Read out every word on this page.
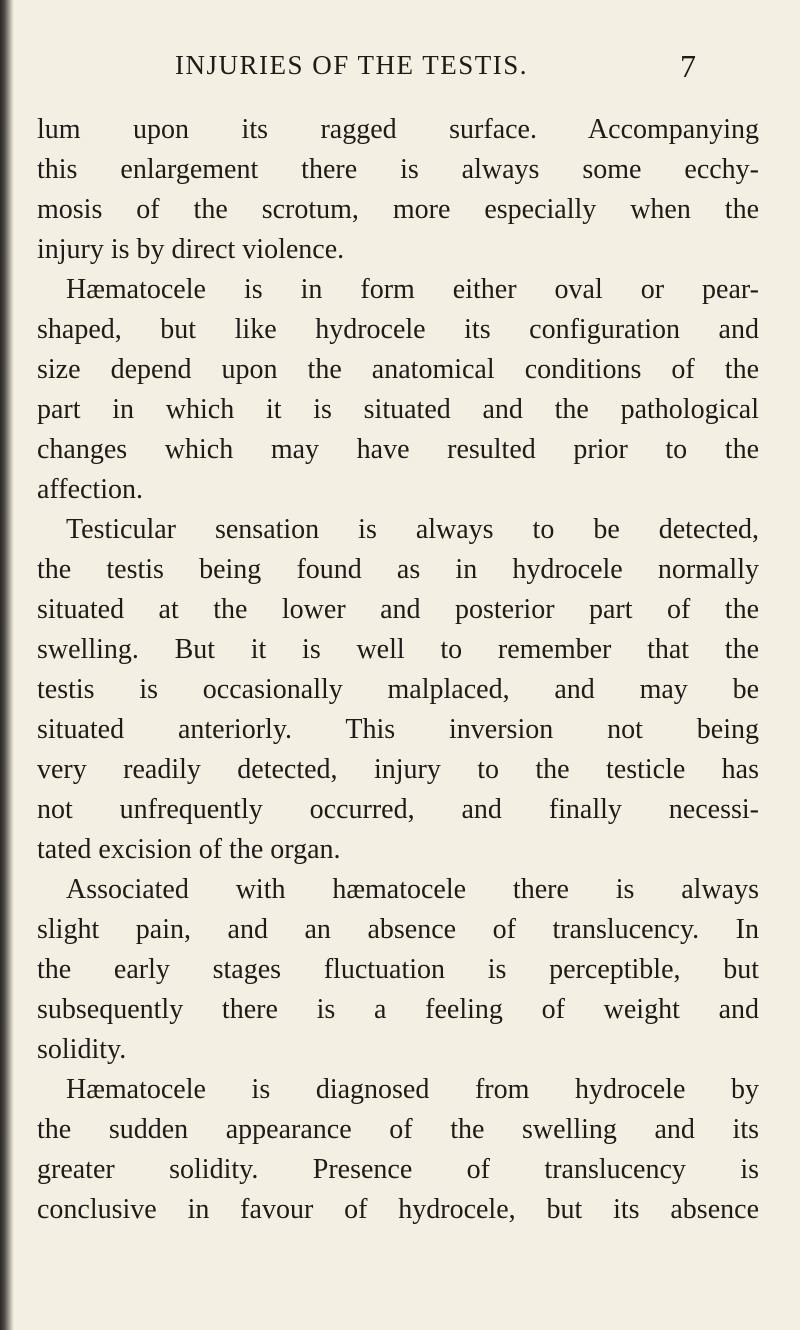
INJURIES OF THE TESTIS.	7
lum upon its ragged surface. Accompanying
this enlargement there is always some ecchy-
mosis of the scrotum, more especially when the
injury is by direct violence.
Hæmatocele is in form either oval or pear-
shaped, but like hydrocele its configuration and
size depend upon the anatomical conditions of the
part in which it is situated and the pathological
changes which may have resulted prior to the
affection.
Testicular sensation is always to be detected,
the testis being found as in hydrocele normally
situated at the lower and posterior part of the
swelling. But it is well to remember that the
testis is occasionally malplaced, and may be
situated anteriorly. This inversion not being
very readily detected, injury to the testicle has
not unfrequently occurred, and finally necessi-
tated excision of the organ.
Associated with hæmatocele there is always
slight pain, and an absence of translucency. In
the early stages fluctuation is perceptible, but
subsequently there is a feeling of weight and
solidity.
Hæmatocele is diagnosed from hydrocele by
the sudden appearance of the swelling and its
greater solidity. Presence of translucency is
conclusive in favour of hydrocele, but its absence
